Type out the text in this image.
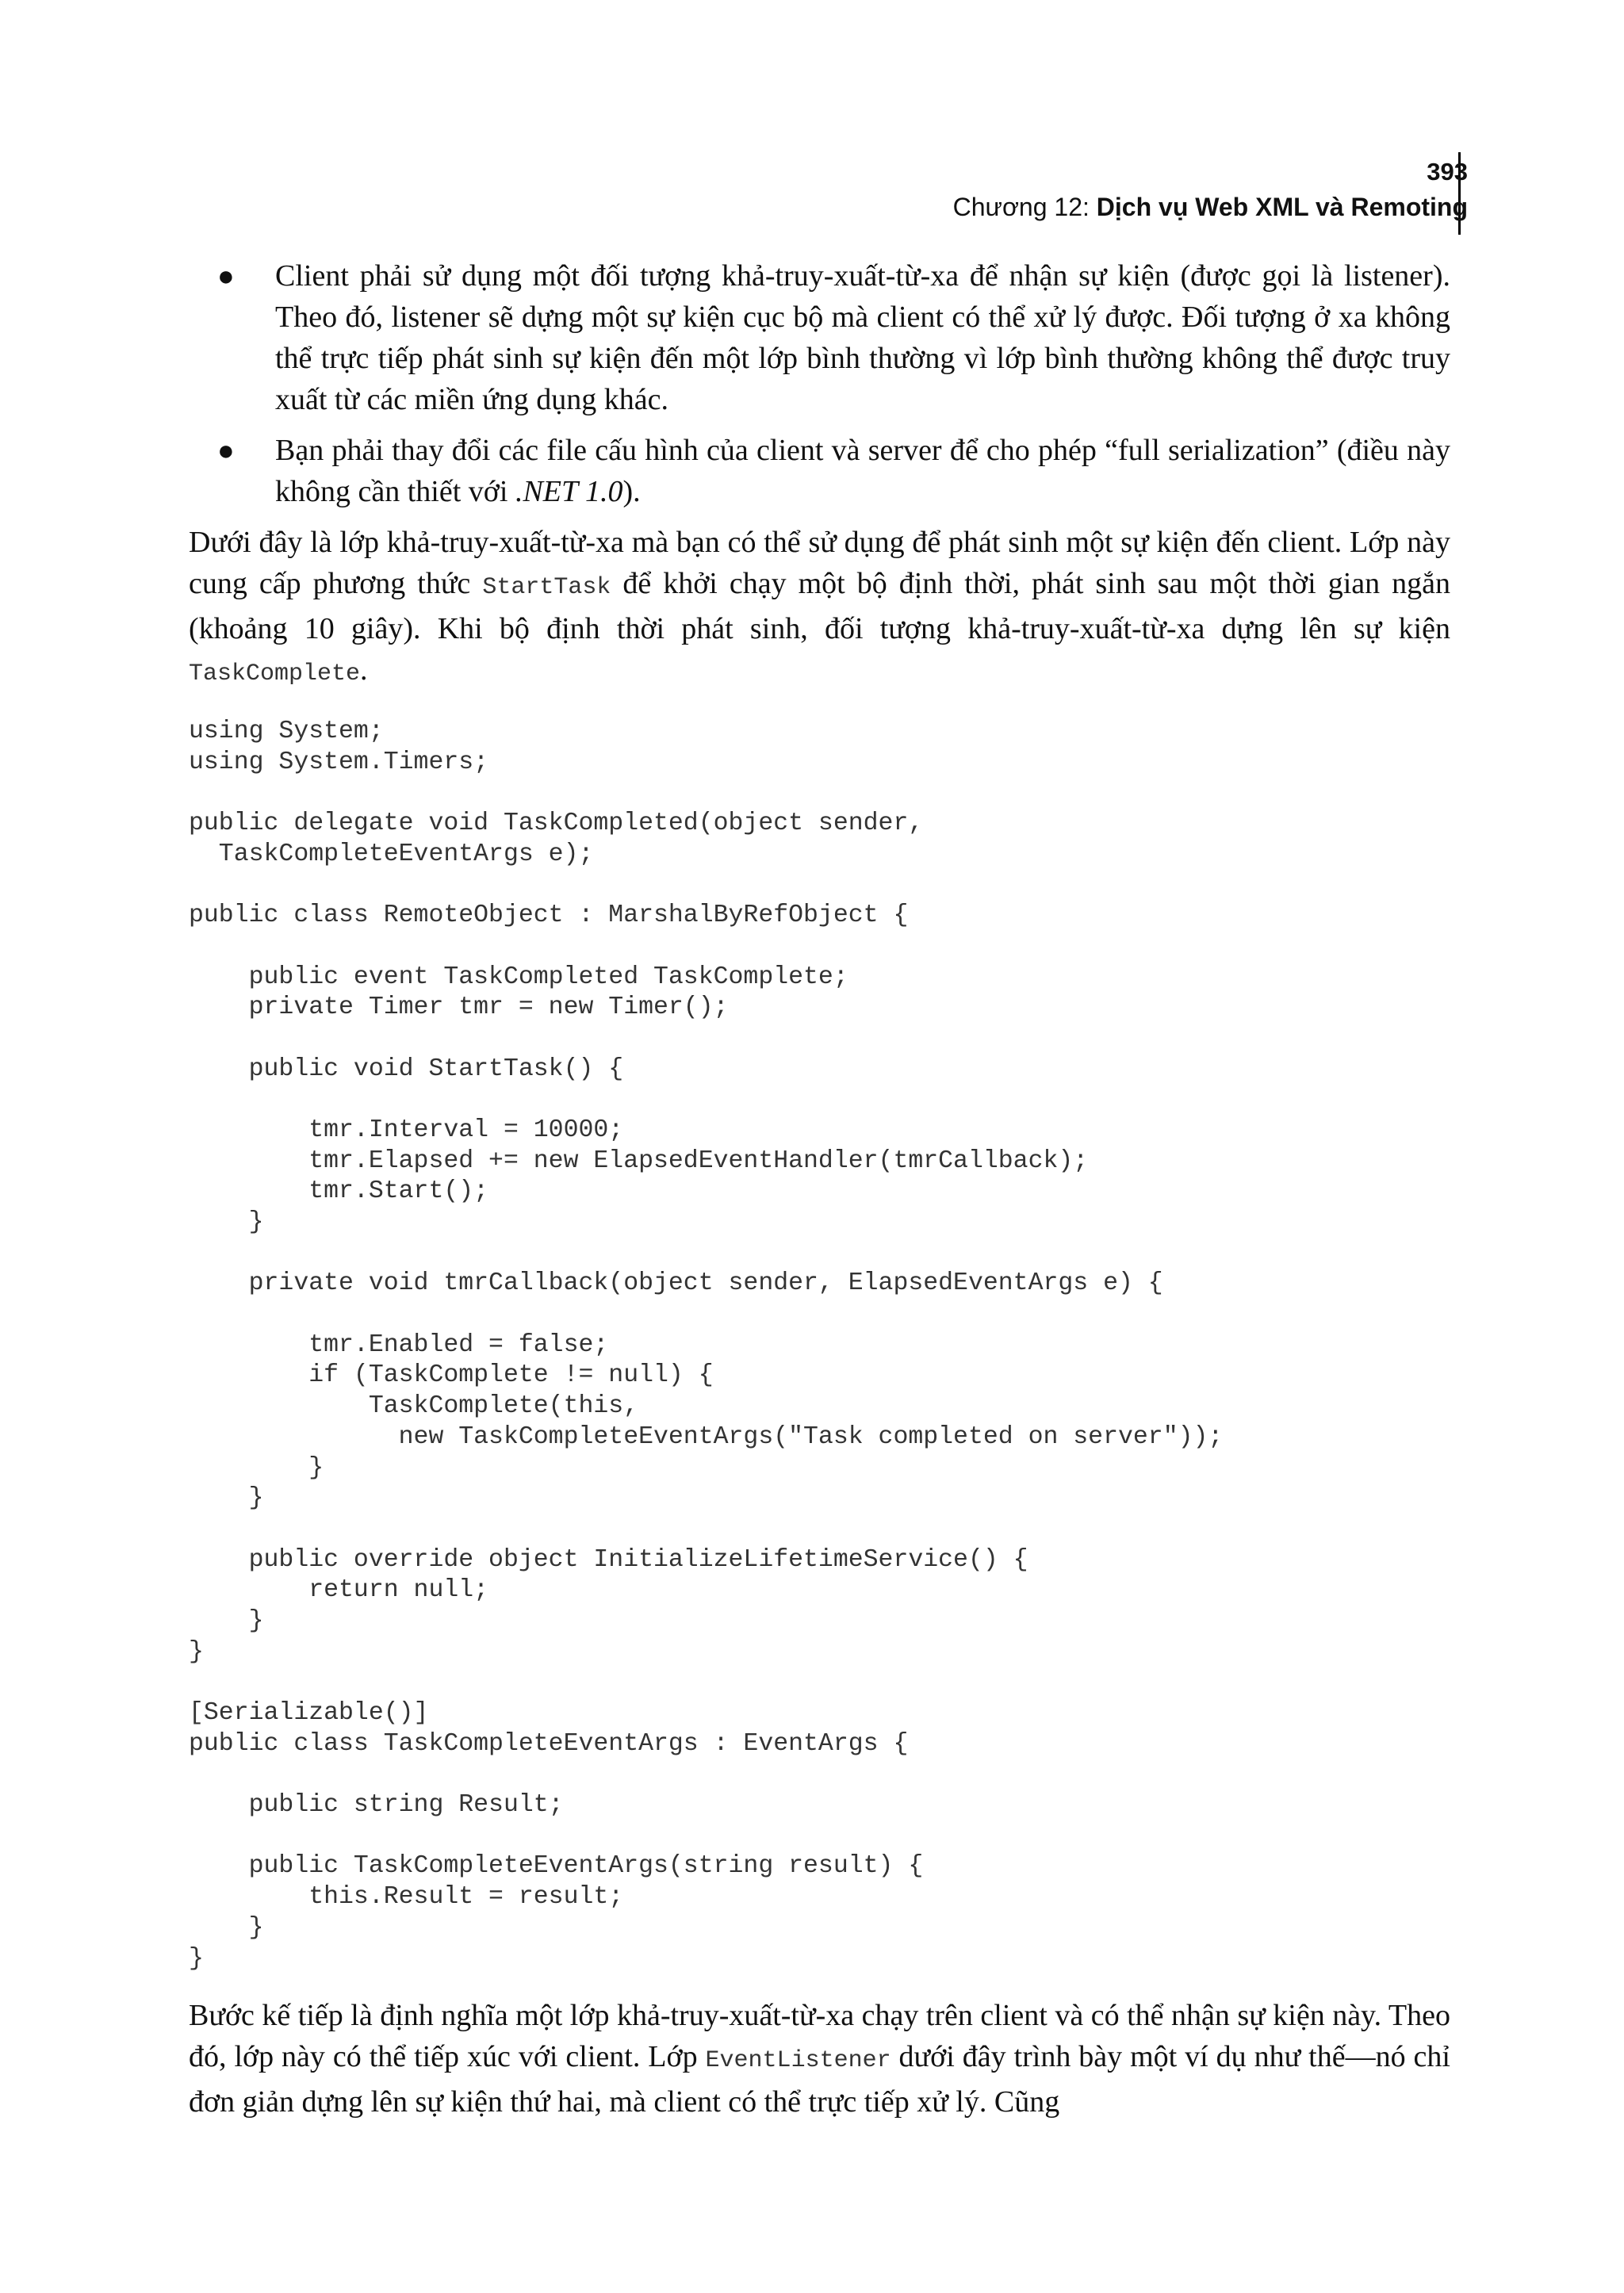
393
Chương 12: Dịch vụ Web XML và Remoting
● Client phải sử dụng một đối tượng khả-truy-xuất-từ-xa để nhận sự kiện (được gọi là listener). Theo đó, listener sẽ dựng một sự kiện cục bộ mà client có thể xử lý được. Đối tượng ở xa không thể trực tiếp phát sinh sự kiện đến một lớp bình thường vì lớp bình thường không thể được truy xuất từ các miền ứng dụng khác.
● Bạn phải thay đổi các file cấu hình của client và server để cho phép “full serialization” (điều này không cần thiết với .NET 1.0).

Dưới đây là lớp khả-truy-xuất-từ-xa mà bạn có thể sử dụng để phát sinh một sự kiện đến client. Lớp này cung cấp phương thức StartTask để khởi chạy một bộ định thời, phát sinh sau một thời gian ngắn (khoảng 10 giây). Khi bộ định thời phát sinh, đối tượng khả-truy-xuất-từ-xa dựng lên sự kiện TaskComplete.

using System;
using System.Timers;
public delegate void TaskCompleted(object sender,
TaskCompleteEventArgs e);
public class RemoteObject : MarshalByRefObject {
public event TaskCompleted TaskComplete;
private Timer tmr = new Timer();
public void StartTask() {
tmr.Interval = 10000;
tmr.Elapsed += new ElapsedEventHandler(tmrCallback);
tmr.Start();
}
private void tmrCallback(object sender, ElapsedEventArgs e) {
tmr.Enabled = false;
if (TaskComplete != null) {
TaskComplete(this,
new TaskCompleteEventArgs("Task completed on server"));
}
}
public override object InitializeLifetimeService() {
return null;
}
}
[Serializable()]
public class TaskCompleteEventArgs : EventArgs {
public string Result;
public TaskCompleteEventArgs(string result) {
this.Result = result;
}
}

Bước kế tiếp là định nghĩa một lớp khả-truy-xuất-từ-xa chạy trên client và có thể nhận sự kiện này. Theo đó, lớp này có thể tiếp xúc với client. Lớp EventListener dưới đây trình bày một ví dụ như thế—nó chỉ đơn giản dựng lên sự kiện thứ hai, mà client có thể trực tiếp xử lý. Cũng
